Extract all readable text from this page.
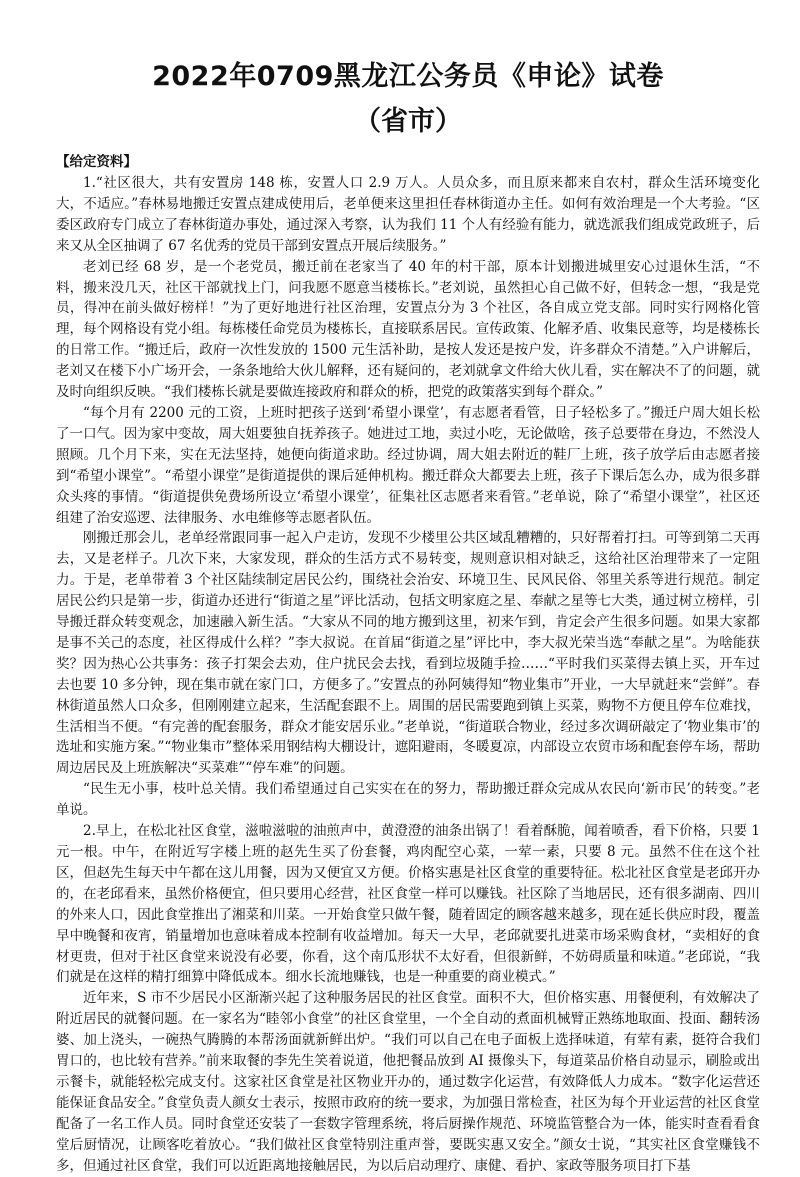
2022年0709黑龙江公务员《申论》试卷
（省市）
【给定资料】

1.“社区很大，共有安置房 148 栋，安置人口 2.9 万人。人员众多，而且原来都来自农村，群众生活环境变化大，不适应。”春林易地搬迁安置点建成使用后，老单便来这里担任春林街道办主任。如何有效治理是一个大考验。“区委区政府专门成立了春林街道办事处，通过深入考察，认为我们 11 个人有经验有能力，就选派我们组成党政班子，后来又从全区抽调了 67 名优秀的党员干部到安置点开展后续服务。”

老刘已经 68 岁，是一个老党员，搬迁前在老家当了 40 年的村干部，原本计划搬进城里安心过退休生活，“不料，搬来没几天，社区干部就找上门，问我愿不愿意当楼栋长。”老刘说，虽然担心自己做不好，但转念一想，“我是党员，得冲在前头做好榜样！”为了更好地进行社区治理，安置点分为 3 个社区，各自成立党支部。同时实行网格化管理，每个网格设有党小组。每栋楼任命党员为楼栋长，直接联系居民。宣传政策、化解矛盾、收集民意等，均是楼栋长的日常工作。“搬迁后，政府一次性发放的 1500 元生活补助，是按人发还是按户发，许多群众不清楚。”入户讲解后，老刘又在楼下小广场开会，一条条地给大伙儿解释，还有疑问的，老刘就拿文件给大伙儿看，实在解决不了的问题，就及时向组织反映。“我们楼栋长就是要做连接政府和群众的桥，把党的政策落实到每个群众。”

“每个月有 2200 元的工资，上班时把孩子送到‘希望小课堂’，有志愿者看管，日子轻松多了。”搬迁户周大姐长松了一口气。因为家中变故，周大姐要独自抚养孩子。她进过工地，卖过小吃，无论做啥，孩子总要带在身边，不然没人照顾。几个月下来，实在无法坚持，她便向街道求助。经过协调，周大姐去附近的鞋厂上班，孩子放学后由志愿者接到“希望小课堂”。“希望小课堂”是街道提供的课后延伸机构。搬迁群众大都要去上班，孩子下课后怎么办，成为很多群众头疼的事情。“街道提供免费场所设立‘希望小课堂’，征集社区志愿者来看管。”老单说，除了“希望小课堂”，社区还组建了治安巡逻、法律服务、水电维修等志愿者队伍。

刚搬迁那会儿，老单经常跟同事一起入户走访，发现不少楼里公共区域乱糟糟的，只好帮着打扫。可等到第二天再去，又是老样子。几次下来，大家发现，群众的生活方式不易转变，规则意识相对缺乏，这给社区治理带来了一定阻力。于是，老单带着 3 个社区陆续制定居民公约，围绕社会治安、环境卫生、民风民俗、邻里关系等进行规范。制定居民公约只是第一步，街道办还进行“街道之星”评比活动，包括文明家庭之星、奉献之星等七大类，通过树立榜样，引导搬迁群众转变观念，加速融入新生活。“大家从不同的地方搬到这里，初来乍到，肯定会产生很多问题。如果大家都是事不关己的态度，社区得成什么样？”李大叔说。在首届“街道之星”评比中，李大叔光荣当选“奉献之星”。为啥能获奖？因为热心公共事务：孩子打架会去劝，住户扰民会去找，看到垃圾随手捡……“平时我们买菜得去镇上买，开车过去也要 10 多分钟，现在集市就在家门口，方便多了。”安置点的孙阿姨得知“物业集市”开业，一大早就赶来“尝鲜”。春林街道虽然人口众多，但刚刚建立起来，生活配套跟不上。周围的居民需要跑到镇上买菜，购物不方便且停车位难找，生活相当不便。“有完善的配套服务，群众才能安居乐业。”老单说，“街道联合物业，经过多次调研敲定了‘物业集市’的选址和实施方案。”“物业集市”整体采用钢结构大棚设计，遮阳避雨，冬暖夏凉，内部设立农贸市场和配套停车场，帮助周边居民及上班族解决“买菜难”“停车难”的问题。

“民生无小事，枝叶总关情。我们希望通过自己实实在在的努力，帮助搬迁群众完成从农民向‘新市民’的转变。”老单说。

2.早上，在松北社区食堂，滋啦滋啦的油煎声中，黄澄澄的油条出锅了！看着酥脆，闻着喷香，看下价格，只要 1 元一根。中午，在附近写字楼上班的赵先生买了份套餐，鸡肉配空心菜，一荤一素，只要 8 元。虽然不住在这个社区，但赵先生每天中午都在这儿用餐，因为又便宜又方便。价格实惠是社区食堂的重要特征。松北社区食堂是老邱开办的，在老邱看来，虽然价格便宜，但只要用心经营，社区食堂一样可以赚钱。社区除了当地居民，还有很多湖南、四川的外来人口，因此食堂推出了湘菜和川菜。一开始食堂只做午餐，随着固定的顾客越来越多，现在延长供应时段，覆盖早中晚餐和夜宵，销量增加也意味着成本控制有收益增加。每天一大早，老邱就要扎进菜市场采购食材，“卖相好的食材更贵，但对于社区食堂来说没有必要，你看，这个南瓜形状不太好看，但很新鲜，不妨碍质量和味道。”老邱说，“我们就是在这样的精打细算中降低成本。细水长流地赚钱，也是一种重要的商业模式。”

近年来，S 市不少居民小区渐渐兴起了这种服务居民的社区食堂。面积不大，但价格实惠、用餐便利，有效解决了附近居民的就餐问题。在一家名为“睦邻小食堂”的社区食堂里，一个全自动的煮面机械臂正熟练地取面、投面、翻转汤婆、加上浇头，一碗热气腾腾的本帮汤面就新鲜出炉。“我们可以自己在电子面板上选择味道，有荤有素，挺符合我们胃口的，也比较有营养。”前来取餐的李先生笑着说道，他把餐品放到 AI 摄像头下，每道菜品价格自动显示，刷脸或出示餐卡，就能轻松完成支付。这家社区食堂是社区物业开办的，通过数字化运营，有效降低人力成本。“数字化运营还能保证食品安全。”食堂负责人颜女士表示，按照市政府的统一要求，为加强日常检查，社区为每个开业运营的社区食堂配备了一名工作人员。同时食堂还安装了一套数字管理系统，将后厨操作规范、环境监管整合为一体，能实时查看看食堂后厨情况，让顾客吃着放心。“我们做社区食堂特别注重声誉，要既实惠又安全。”颜女士说，“其实社区食堂赚钱不多，但通过社区食堂，我们可以近距离地接触居民，为以后启动理疗、康健、看护、家政等服务项目打下基
